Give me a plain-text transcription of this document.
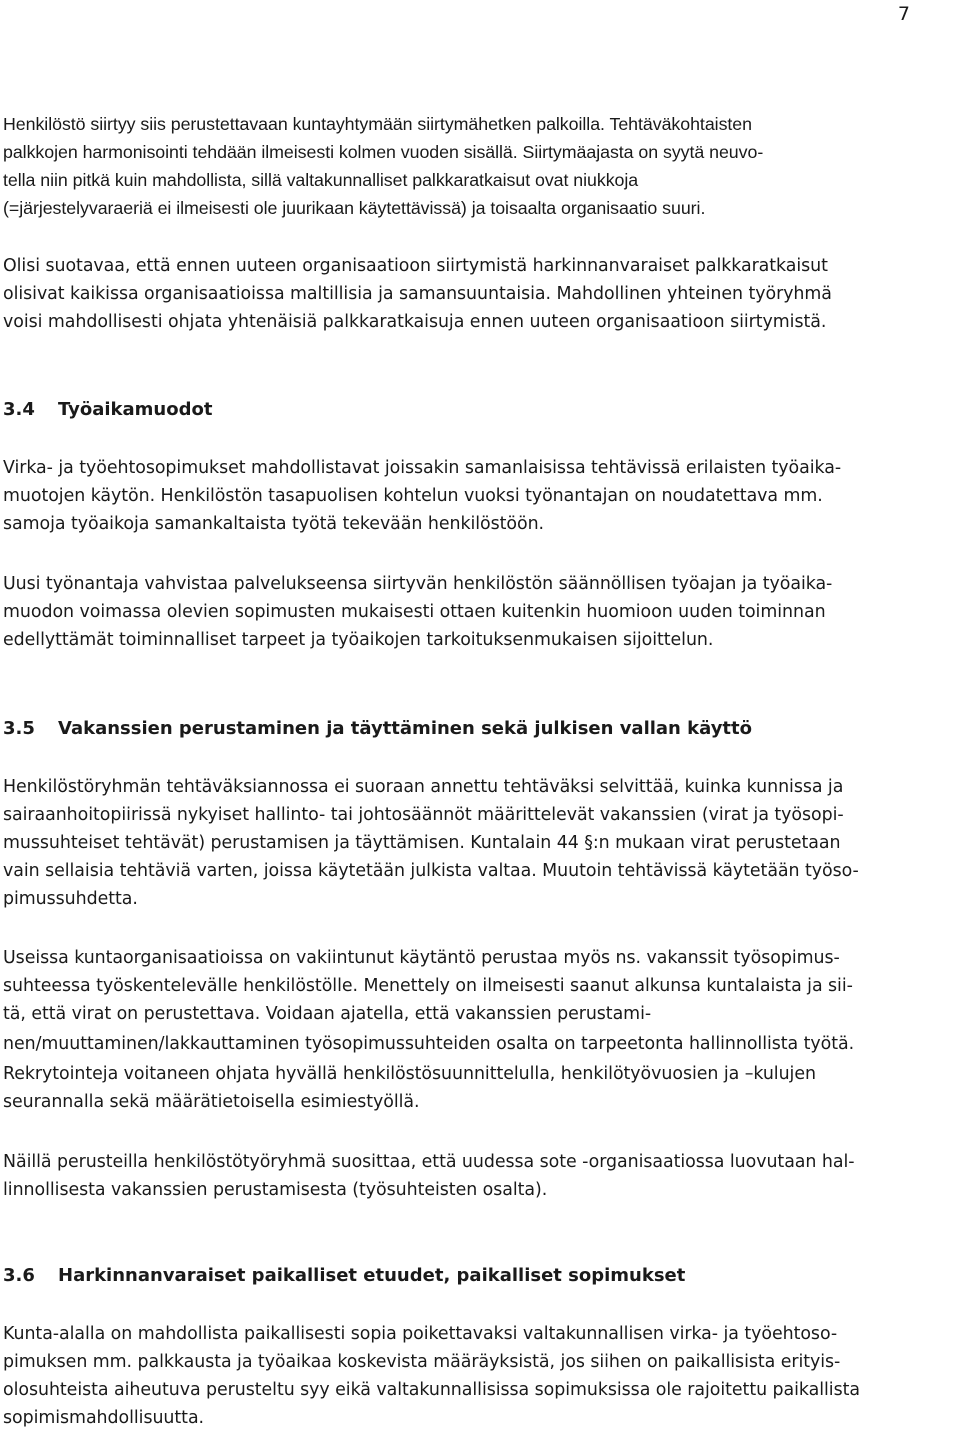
7
Henkilöstö siirtyy siis perustettavaan kuntayhtymään siirtymähetken palkoilla. Tehtäväkohtaisten
palkkojen harmonisointi tehdään ilmeisesti kolmen vuoden sisällä. Siirtymäajasta on syytä neuvo-
tella niin pitkä kuin mahdollista, sillä valtakunnalliset palkkaratkaisut ovat niukkoja
(=järjestelyvaraeriä ei ilmeisesti ole juurikaan käytettävissä) ja toisaalta organisaatio suuri.
Olisi suotavaa, että ennen uuteen organisaatioon siirtymistä harkinnanvaraiset palkkaratkaisut
olisivat kaikissa organisaatioissa maltillisia ja samansuuntaisia. Mahdollinen yhteinen työryhmä
voisi mahdollisesti ohjata yhtenäisiä palkkaratkaisuja ennen uuteen organisaatioon siirtymistä.
3.4 Työaikamuodot
Virka- ja työehtosopimukset mahdollistavat joissakin samanlaisissa tehtävissä erilaisten työaika-
muotojen käytön. Henkilöstön tasapuolisen kohtelun vuoksi työnantajan on noudatettava mm.
samoja työaikoja samankaltaista työtä tekevään henkilöstöön.
Uusi työnantaja vahvistaa palvelukseensa siirtyvän henkilöstön säännöllisen työajan ja työaika-
muodon voimassa olevien sopimusten mukaisesti ottaen kuitenkin huomioon uuden toiminnan
edellyttämät toiminnalliset tarpeet ja työaikojen tarkoituksenmukaisen sijoittelun.
3.5 Vakanssien perustaminen ja täyttäminen sekä julkisen vallan käyttö
Henkilöstöryhmän tehtäväksiannossa ei suoraan annettu tehtäväksi selvittää, kuinka kunnissa ja
sairaanhoitopiirissä nykyiset hallinto- tai johtosäännöt määrittelevät vakanssien (virat ja työsopi-
mussuhteiset tehtävät) perustamisen ja täyttämisen. Kuntalain 44 §:n mukaan virat perustetaan
vain sellaisia tehtäviä varten, joissa käytetään julkista valtaa. Muutoin tehtävissä käytetään työso-
pimussuhdetta.
Useissa kuntaorganisaatioissa on vakiintunut käytäntö perustaa myös ns. vakanssit työsopimus-
suhteessa työskentelevälle henkilöstölle. Menettely on ilmeisesti saanut alkunsa kuntalaista ja sii-
tä, että virat on perustettava. Voidaan ajatella, että vakanssien perustami-
nen/muuttaminen/lakkauttaminen työsopimussuhteiden osalta on tarpeetonta hallinnollista työtä.
Rekrytointeja voitaneen ohjata hyvällä henkilöstösuunnittelulla, henkilötyövuosien ja –kulujen
seurannalla sekä määrätietoisella esimiestyöllä.
Näillä perusteilla henkilöstötyöryhmä suosittaa, että uudessa sote -organisaatiossa luovutaan hal-
linnollisesta vakanssien perustamisesta (työsuhteisten osalta).
3.6 Harkinnanvaraiset paikalliset etuudet, paikalliset sopimukset
Kunta-alalla on mahdollista paikallisesti sopia poikettavaksi valtakunnallisen virka- ja työehtoso-
pimuksen mm. palkkausta ja työaikaa koskevista määräyksistä, jos siihen on paikallisista erityis-
olosuhteista aiheutuva perusteltu syy eikä valtakunnallisissa sopimuksissa ole rajoitettu paikallista
sopimismahdollisuutta.
